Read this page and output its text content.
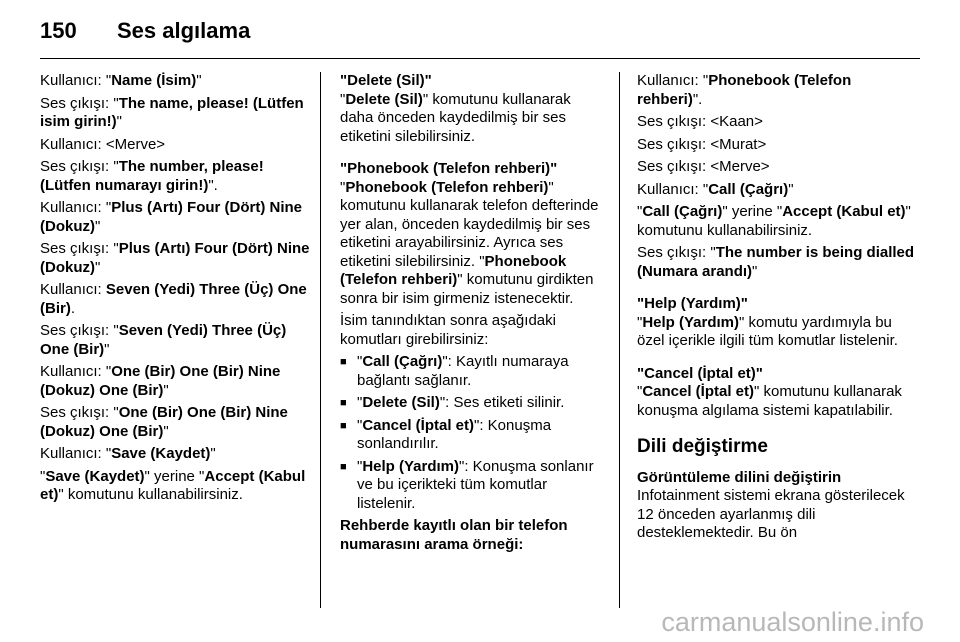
150 Ses algılama

Kullanıcı: "Name (İsim)"

Ses çıkışı: "The name, please! (Lütfen isim girin!)"

Kullanıcı: <Merve>

Ses çıkışı: "The number, please! (Lütfen numarayı girin!)".

Kullanıcı: "Plus (Artı) Four (Dört) Nine (Dokuz)"

Ses çıkışı: "Plus (Artı) Four (Dört) Nine (Dokuz)"

Kullanıcı: Seven (Yedi) Three (Üç) One (Bir).

Ses çıkışı: "Seven (Yedi) Three (Üç) One (Bir)"

Kullanıcı: "One (Bir) One (Bir) Nine (Dokuz) One (Bir)"

Ses çıkışı: "One (Bir) One (Bir) Nine (Dokuz) One (Bir)"

Kullanıcı: "Save (Kaydet)"

"Save (Kaydet)" yerine "Accept (Kabul et)" komutunu kullanabilirsiniz.

"Delete (Sil)"

"Delete (Sil)" komutunu kullanarak daha önceden kaydedilmiş bir ses etiketini silebilirsiniz.

"Phonebook (Telefon rehberi)"

"Phonebook (Telefon rehberi)" komutunu kullanarak telefon defterinde yer alan, önceden kaydedilmiş bir ses etiketini arayabilirsiniz. Ayrıca ses etiketini silebilirsiniz. "Phonebook (Telefon rehberi)" komutunu girdikten sonra bir isim girmeniz istenecektir.

İsim tanındıktan sonra aşağıdaki komutları girebilirsiniz:

■ "Call (Çağrı)": Kayıtlı numaraya bağlantı sağlanır.
■ "Delete (Sil)": Ses etiketi silinir.
■ "Cancel (İptal et)": Konuşma sonlandırılır.
■ "Help (Yardım)": Konuşma sonlanır ve bu içerikteki tüm komutlar listelenir.

Rehberde kayıtlı olan bir telefon numarasını arama örneği:

Kullanıcı: "Phonebook (Telefon rehberi)".

Ses çıkışı: <Kaan>

Ses çıkışı: <Murat>

Ses çıkışı: <Merve>

Kullanıcı: "Call (Çağrı)"

"Call (Çağrı)" yerine "Accept (Kabul et)" komutunu kullanabilirsiniz.

Ses çıkışı: "The number is being dialled (Numara arandı)"

"Help (Yardım)"

"Help (Yardım)" komutu yardımıyla bu özel içerikle ilgili tüm komutlar listelenir.

"Cancel (İptal et)"

"Cancel (İptal et)" komutunu kullanarak konuşma algılama sistemi kapatılabilir.

Dili değiştirme

Görüntüleme dilini değiştirin

Infotainment sistemi ekrana gösterilecek 12 önceden ayarlanmış dili desteklemektedir. Bu ön

carmanualsonline.info
